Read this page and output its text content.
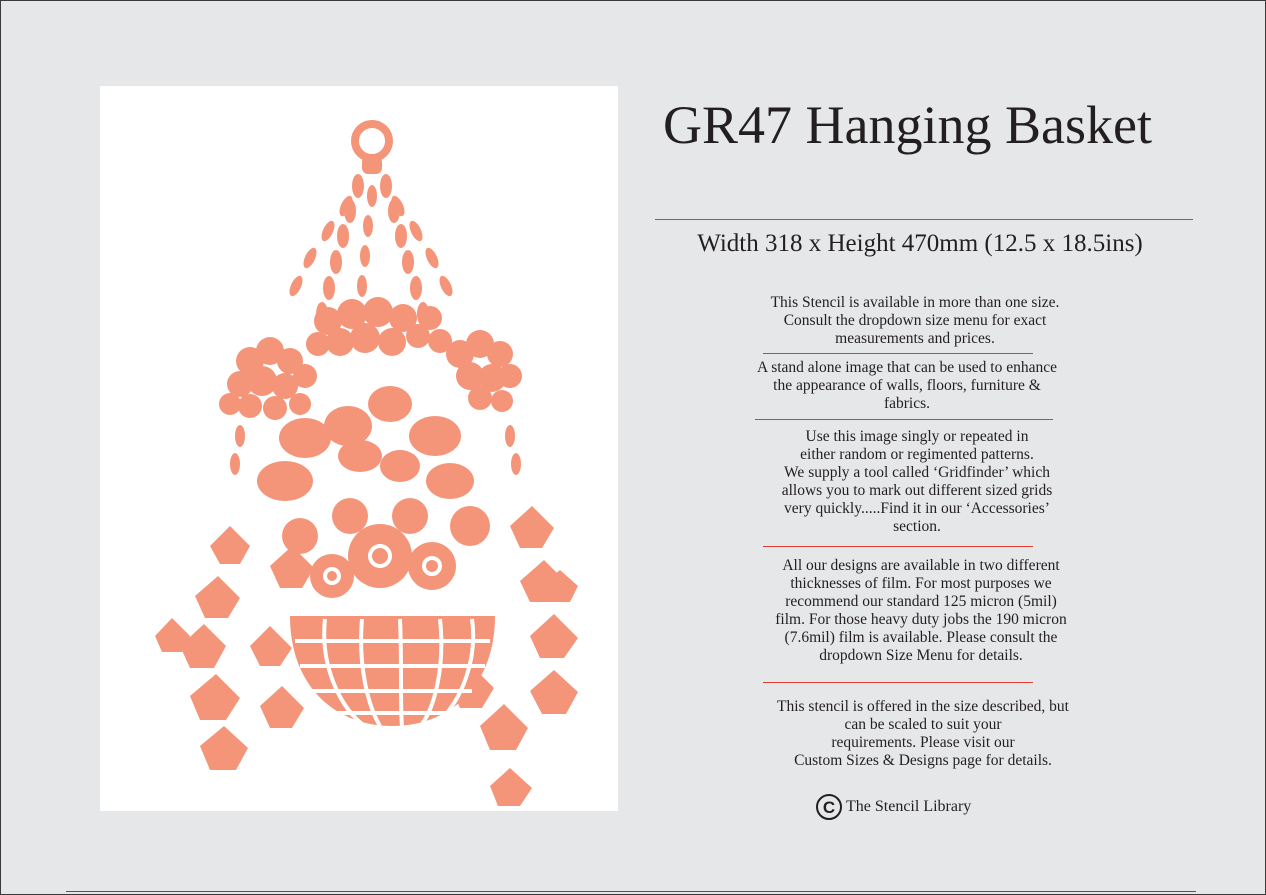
GR47 Hanging Basket
Width 318 x Height 470mm (12.5 x 18.5ins)
This Stencil is available in more than one size.
Consult the dropdown size menu for exact
measurements and prices.
A stand alone image that can be used to enhance
the appearance of walls, floors, furniture &
fabrics.
Use this image singly or repeated in
either random or regimented patterns.
We supply a tool called ‘Gridfinder’ which
allows you to mark out different sized grids
very quickly.....Find it in our ‘Accessories’
section.
All our designs are available in two different
thicknesses of film. For most purposes we
recommend our standard 125 micron (5mil)
film. For those heavy duty jobs the 190 micron
(7.6mil) film is available. Please consult the
dropdown Size Menu for details.
This stencil is offered in the size described, but
can be scaled to suit your
requirements. Please visit our
Custom Sizes & Designs page for details.
C The Stencil Library
